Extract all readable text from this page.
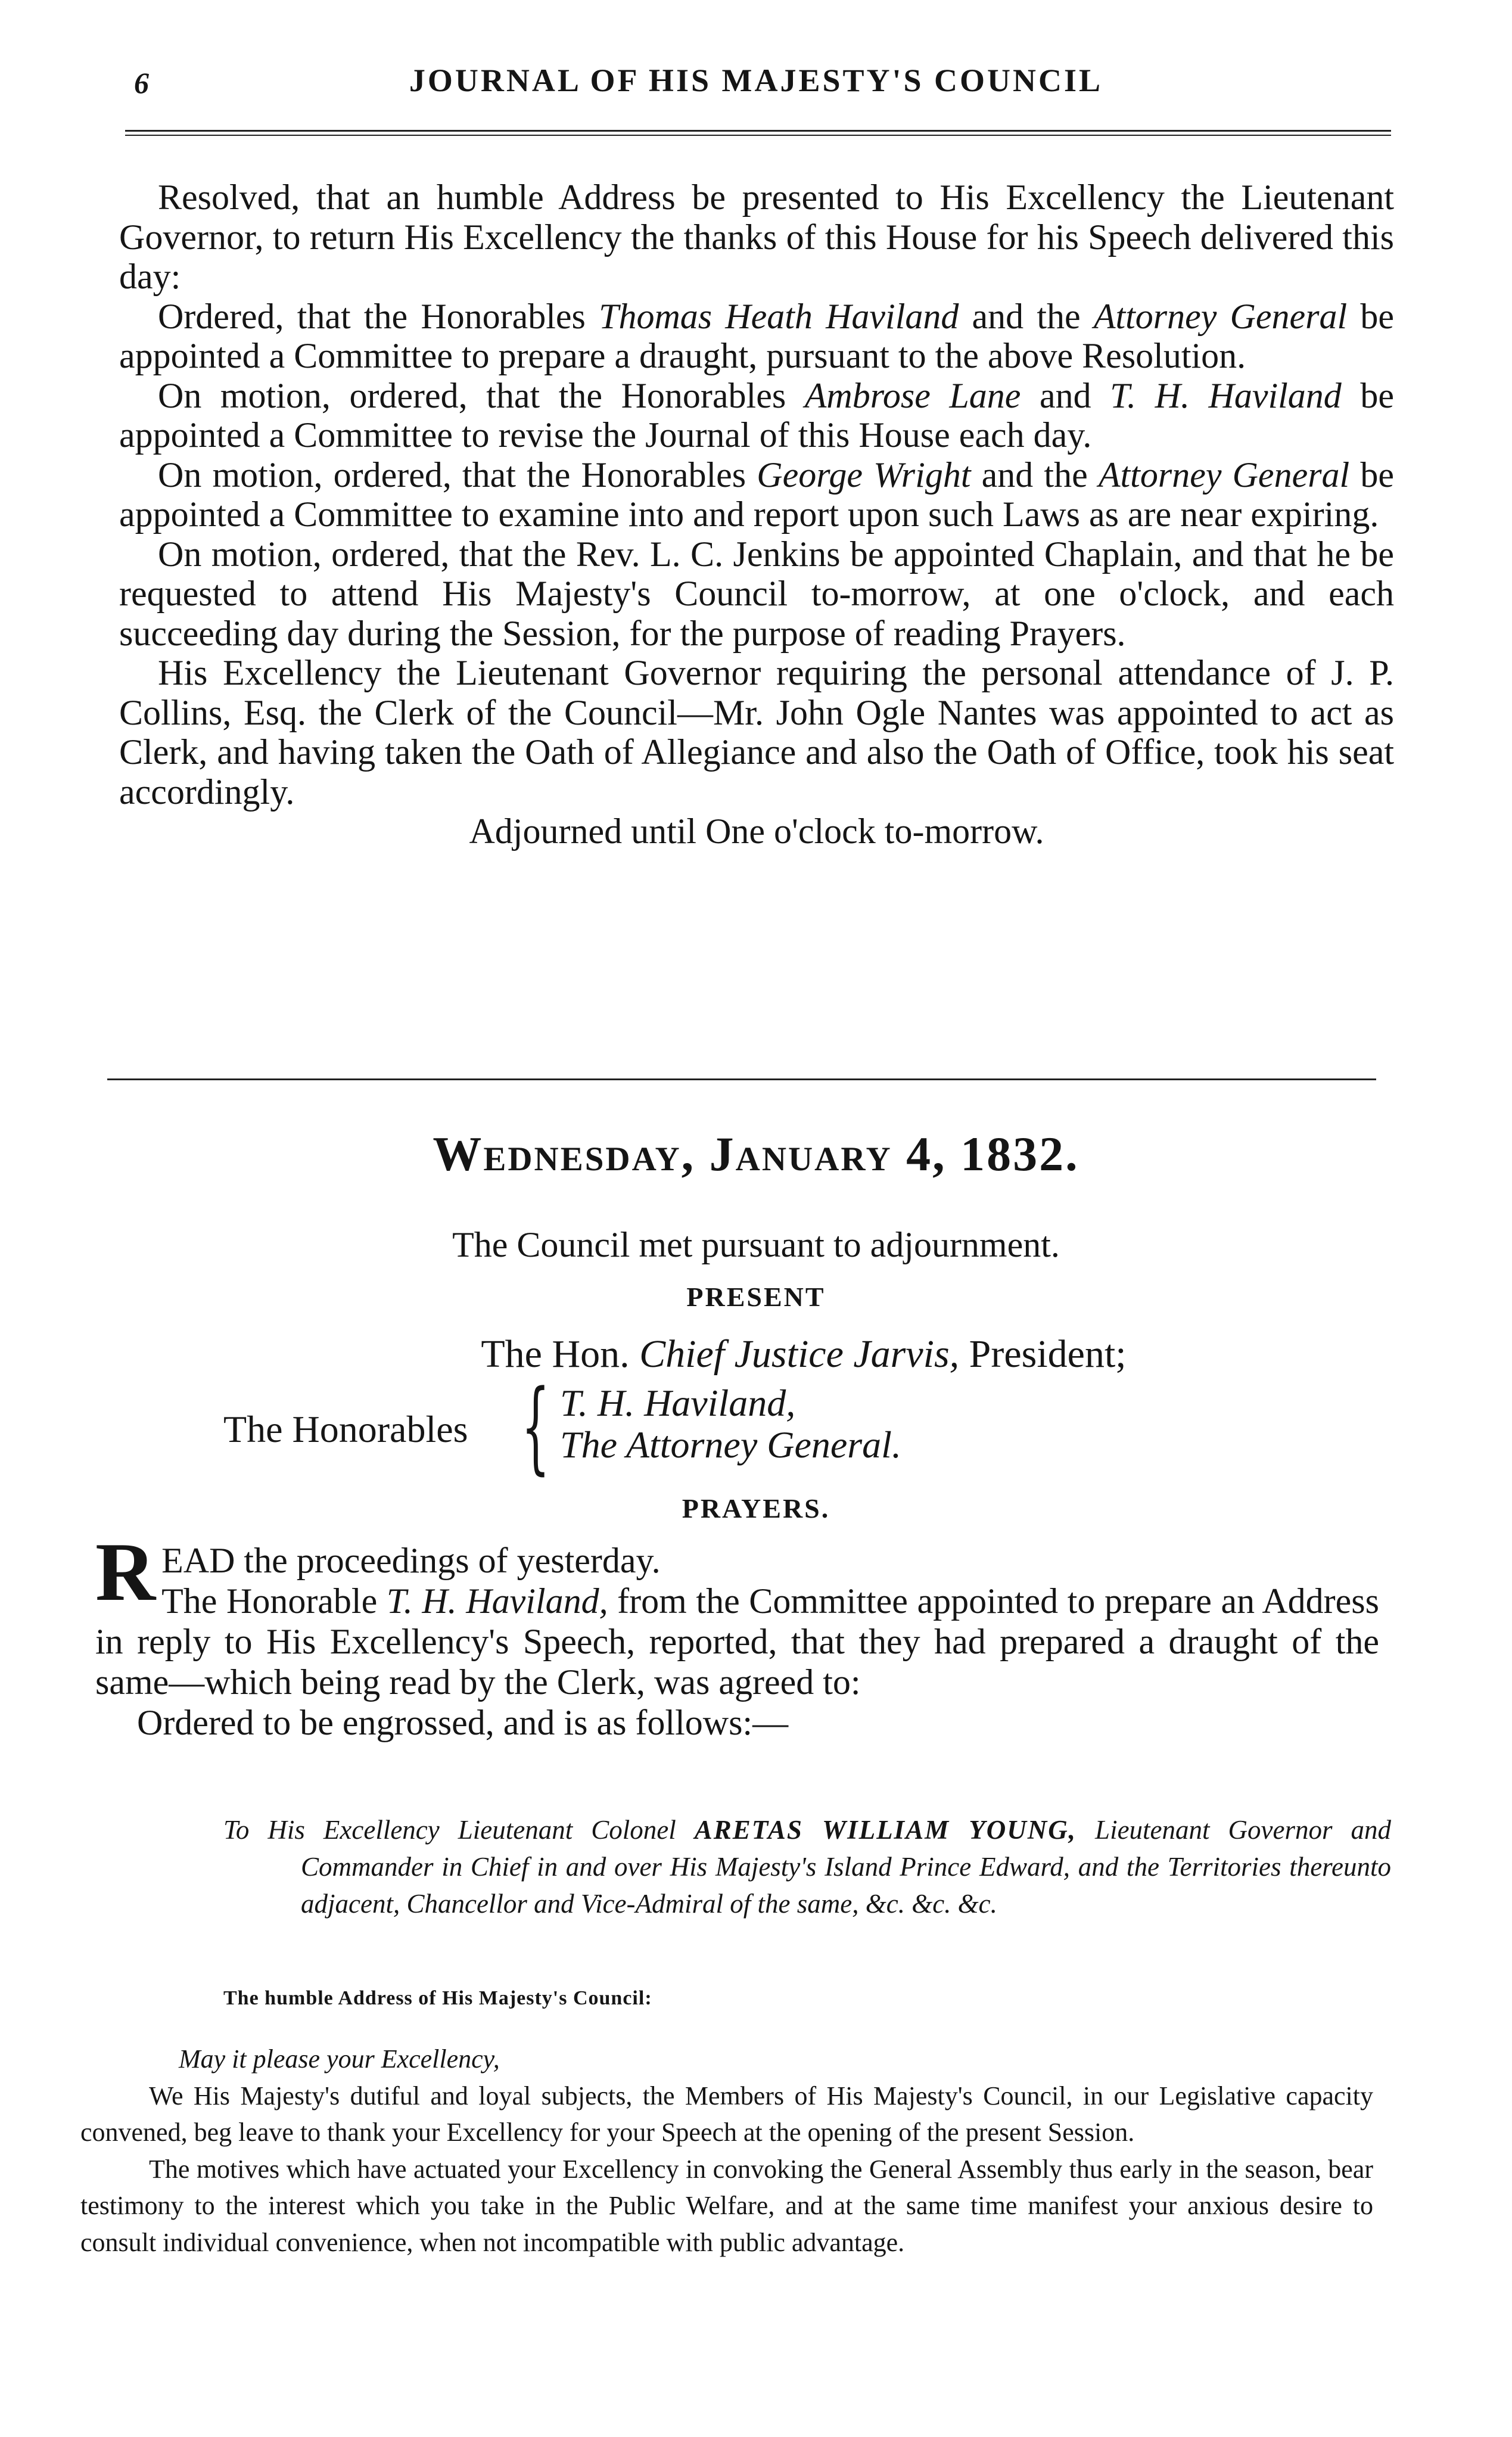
6	JOURNAL OF HIS MAJESTY'S COUNCIL

Resolved, that an humble Address be presented to His Excellency the Lieutenant Governor, to return His Excellency the thanks of this House for his Speech delivered this day:

Ordered, that the Honorables Thomas Heath Haviland and the Attorney General be appointed a Committee to prepare a draught, pursuant to the above Resolution.

On motion, ordered, that the Honorables Ambrose Lane and T. H. Haviland be appointed a Committee to revise the Journal of this House each day.

On motion, ordered, that the Honorables George Wright and the Attorney General be appointed a Committee to examine into and report upon such Laws as are near expiring.

On motion, ordered, that the Rev. L. C. Jenkins be appointed Chaplain, and that he be requested to attend His Majesty's Council to-morrow, at one o'clock, and each succeeding day during the Session, for the purpose of reading Prayers.

His Excellency the Lieutenant Governor requiring the personal attendance of J. P. Collins, Esq. the Clerk of the Council—Mr. John Ogle Nantes was appointed to act as Clerk, and having taken the Oath of Allegiance and also the Oath of Office, took his seat accordingly.

Adjourned until One o'clock to-morrow.

Wednesday, January 4, 1832.
The Council met pursuant to adjournment.
PRESENT
The Hon. Chief Justice Jarvis, President;
The Honorables { T. H. Haviland,
The Attorney General.
PRAYERS.

READ the proceedings of yesterday.

The Honorable T. H. Haviland, from the Committee appointed to prepare an Address in reply to His Excellency's Speech, reported, that they had prepared a draught of the same—which being read by the Clerk, was agreed to:

Ordered to be engrossed, and is as follows:—

To His Excellency Lieutenant Colonel ARETAS WILLIAM YOUNG, Lieutenant Governor and Commander in Chief in and over His Majesty's Island Prince Edward, and the Territories thereunto adjacent, Chancellor and Vice-Admiral of the same, &c. &c. &c.
The humble Address of His Majesty's Council:

May it please your Excellency,

We His Majesty's dutiful and loyal subjects, the Members of His Majesty's Council, in our Legislative capacity convened, beg leave to thank your Excellency for your Speech at the opening of the present Session.

The motives which have actuated your Excellency in convoking the General Assembly thus early in the season, bear testimony to the interest which you take in the Public Welfare, and at the same time manifest your anxious desire to consult individual convenience, when not incompatible with public advantage.
